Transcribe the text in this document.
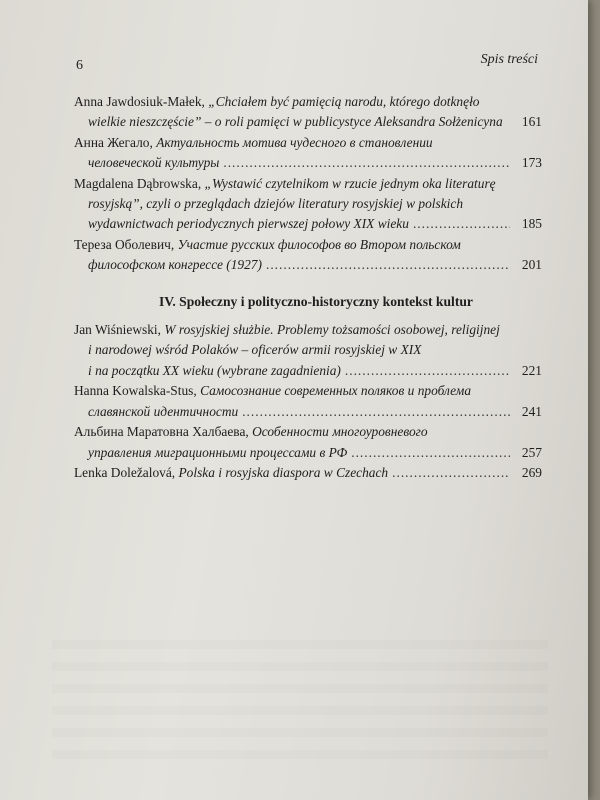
6	Spis treści
Anna Jawdosiuk-Małek, „Chciałem być pamięcią narodu, którego dotknęło
wielkie nieszczęście” – o roli pamięci w publicystyce Aleksandra Sołżenicyna	161
Анна Жегало, Актуальность мотива чудесного в становлении
человеческой культуры .....	173
Magdalena Dąbrowska, „Wystawić czytelnikom w rzucie jednym oka literaturę
rosyjską”, czyli o przeglądach dziejów literatury rosyjskiej w polskich
wydawnictwach periodycznych pierwszej połowy XIX wieku .....	185
Тереза Оболевич, Участие русских философов во Втором польском
философском конгрессе (1927) .....	201
IV. Społeczny i polityczno-historyczny kontekst kultur
Jan Wiśniewski, W rosyjskiej służbie. Problemy tożsamości osobowej, religijnej
i narodowej wśród Polaków – oficerów armii rosyjskiej w XIX
i na początku XX wieku (wybrane zagadnienia) .....	221
Hanna Kowalska-Stus, Самосознание современных поляков и проблема
славянской идентичности .....	241
Альбина Маратовна Халбаева, Особенности многоуровневого
управления миграционными процессами в РФ .....	257
Lenka Doležalová,
Polska i rosyjska diaspora w Czechach .....	269
